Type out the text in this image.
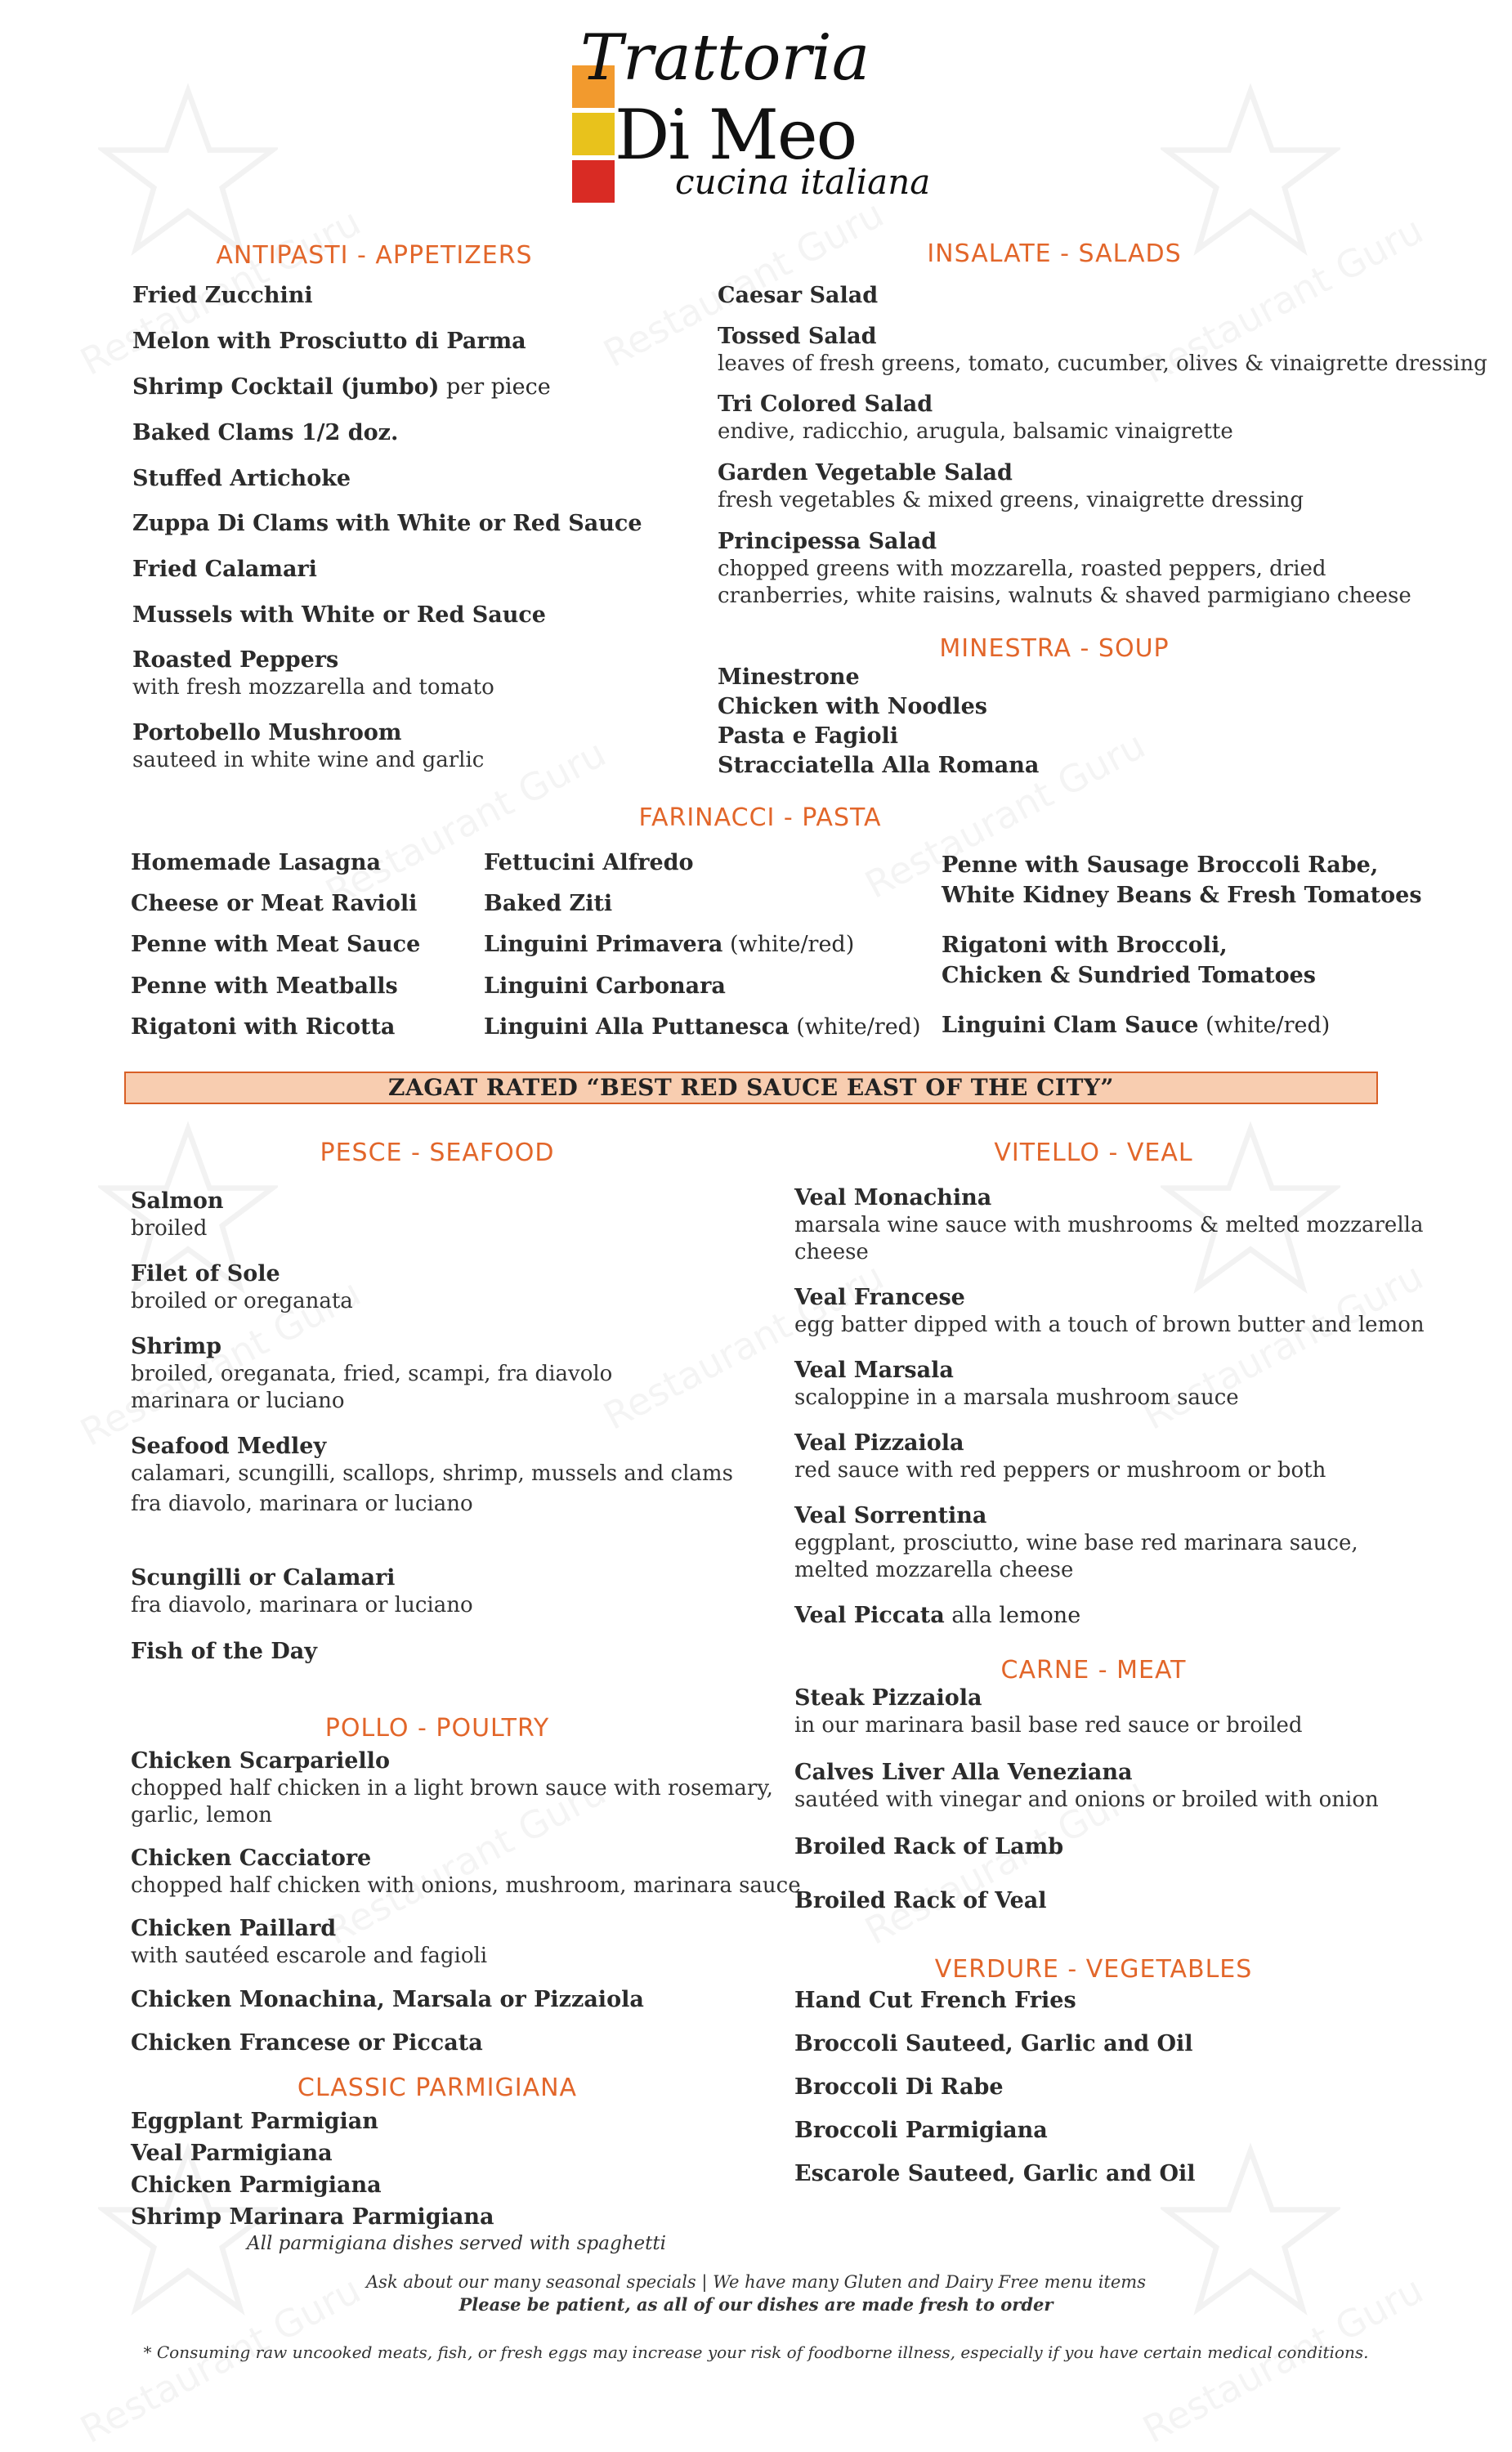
Trattoria
Di Meo
cucina italiana
ANTIPASTI - APPETIZERS
Fried Zucchini
Melon with Prosciutto di Parma
Shrimp Cocktail (jumbo) per piece
Baked Clams 1/2 doz.
Stuffed Artichoke
Zuppa Di Clams with White or Red Sauce
Fried Calamari
Mussels with White or Red Sauce
Roasted Peppers
with fresh mozzarella and tomato
Portobello Mushroom
sauteed in white wine and garlic
INSALATE - SALADS
Caesar Salad
Tossed Salad
leaves of fresh greens, tomato, cucumber, olives & vinaigrette dressing
Tri Colored Salad
endive, radicchio, arugula, balsamic vinaigrette
Garden Vegetable Salad
fresh vegetables & mixed greens, vinaigrette dressing
Principessa Salad
chopped greens with mozzarella, roasted peppers, dried
cranberries, white raisins, walnuts & shaved parmigiano cheese
MINESTRA - SOUP
Minestrone
Chicken with Noodles
Pasta e Fagioli
Stracciatella Alla Romana
FARINACCI - PASTA
Homemade Lasagna
Cheese or Meat Ravioli
Penne with Meat Sauce
Penne with Meatballs
Rigatoni with Ricotta
Fettucini Alfredo
Baked Ziti
Linguini Primavera (white/red)
Linguini Carbonara
Linguini Alla Puttanesca (white/red)
Penne with Sausage Broccoli Rabe,
White Kidney Beans & Fresh Tomatoes
Rigatoni with Broccoli,
Chicken & Sundried Tomatoes
Linguini Clam Sauce (white/red)
ZAGAT RATED “BEST RED SAUCE EAST OF THE CITY”
PESCE - SEAFOOD
Salmon
broiled
Filet of Sole
broiled or oreganata
Shrimp
broiled, oreganata, fried, scampi, fra diavolo
marinara or luciano
Seafood Medley
calamari, scungilli, scallops, shrimp, mussels and clams
fra diavolo, marinara or luciano
Scungilli or Calamari
fra diavolo, marinara or luciano
Fish of the Day
POLLO - POULTRY
Chicken Scarpariello
chopped half chicken in a light brown sauce with rosemary,
garlic, lemon
Chicken Cacciatore
chopped half chicken with onions, mushroom, marinara sauce
Chicken Paillard
with sautéed escarole and fagioli
Chicken Monachina, Marsala or Pizzaiola
Chicken Francese or Piccata
CLASSIC PARMIGIANA
Eggplant Parmigian
Veal Parmigiana
Chicken Parmigiana
Shrimp Marinara Parmigiana
All parmigiana dishes served with spaghetti
VITELLO - VEAL
Veal Monachina
marsala wine sauce with mushrooms & melted mozzarella
cheese
Veal Francese
egg batter dipped with a touch of brown butter and lemon
Veal Marsala
scaloppine in a marsala mushroom sauce
Veal Pizzaiola
red sauce with red peppers or mushroom or both
Veal Sorrentina
eggplant, prosciutto, wine base red marinara sauce,
melted mozzarella cheese
Veal Piccata alla lemone
CARNE - MEAT
Steak Pizzaiola
in our marinara basil base red sauce or broiled
Calves Liver Alla Veneziana
sautéed with vinegar and onions or broiled with onion
Broiled Rack of Lamb
Broiled Rack of Veal
VERDURE - VEGETABLES
Hand Cut French Fries
Broccoli Sauteed, Garlic and Oil
Broccoli Di Rabe
Broccoli Parmigiana
Escarole Sauteed, Garlic and Oil
Ask about our many seasonal specials | We have many Gluten and Dairy Free menu items
Please be patient, as all of our dishes are made fresh to order
* Consuming raw uncooked meats, fish, or fresh eggs may increase your risk of foodborne illness, especially if you have certain medical conditions.
